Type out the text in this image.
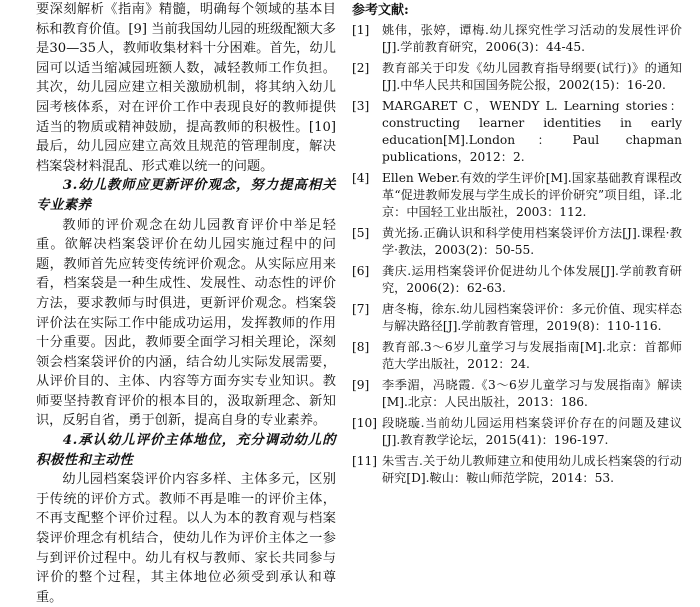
要深刻解析《指南》精髓，明确每个领域的基本目标和教育价值。[9] 当前我国幼儿园的班级配额大多是30—35人，教师收集材料十分困难。首先，幼儿园可以适当缩减园班额人数，减轻教师工作负担。其次，幼儿园应建立相关激励机制，将其纳入幼儿园考核体系，对在评价工作中表现良好的教师提供适当的物质或精神鼓励，提高教师的积极性。[10] 最后，幼儿园应建立高效且规范的管理制度，解决档案袋材料混乱、形式难以统一的问题。

3.幼儿教师应更新评价观念，努力提高相关专业素养

教师的评价观念在幼儿园教育评价中举足轻重。欲解决档案袋评价在幼儿园实施过程中的问题，教师首先应转变传统评价观念。从实际应用来看，档案袋是一种生成性、发展性、动态性的评价方法，要求教师与时俱进，更新评价观念。档案袋评价法在实际工作中能成功运用，发挥教师的作用十分重要。因此，教师要全面学习相关理论，深刻领会档案袋评价的内涵，结合幼儿实际发展需要，从评价目的、主体、内容等方面夯实专业知识。教师要坚持教育评价的根本目的，汲取新理念、新知识，反躬自省，勇于创新，提高自身的专业素养。

4.承认幼儿评价主体地位，充分调动幼儿的积极性和主动性

幼儿园档案袋评价内容多样、主体多元，区别于传统的评价方式。教师不再是唯一的评价主体，不再支配整个评价过程。以人为本的教育观与档案袋评价理念有机结合，使幼儿作为评价主体之一参与到评价过程中。幼儿有权与教师、家长共同参与评价的整个过程，其主体地位必须受到承认和尊重。

参考文献:
[1]	姚伟，张婷，谭梅.幼儿探究性学习活动的发展性评价[J].学前教育研究，2006(3)：44-45.
[2]	教育部关于印发《幼儿园教育指导纲要(试行)》的通知[J].中华人民共和国国务院公报，2002(15)：16-20.
[3]	MARGARET C，WENDY L. Learning stories：constructing learner identities in early education[M].London：Paul chapman publications，2012：2.
[4]	Ellen Weber.有效的学生评价[M].国家基础教育课程改革“促进教师发展与学生成长的评价研究”项目组，译.北京：中国轻工业出版社，2003：112.
[5]	黄光扬.正确认识和科学使用档案袋评价方法[J].课程·教学·教法，2003(2)：50-55.
[6]	龚庆.运用档案袋评价促进幼儿个体发展[J].学前教育研究，2006(2)：62-63.
[7]	唐冬梅，徐东.幼儿园档案袋评价：多元价值、现实样态与解决路径[J].学前教育管理，2019(8)：110-116.
[8]	教育部.3～6岁儿童学习与发展指南[M].北京：首都师范大学出版社，2012：24.
[9]	李季湄，冯晓霞.《3～6岁儿童学习与发展指南》解读[M].北京：人民出版社，2013：186.
[10] 段晓璇.当前幼儿园运用档案袋评价存在的问题及建议[J].教育教学论坛，2015(41)：196-197.
[11] 朱雪吉.关于幼儿教师建立和使用幼儿成长档案袋的行动研究[D].鞍山：鞍山师范学院，2014：53.
